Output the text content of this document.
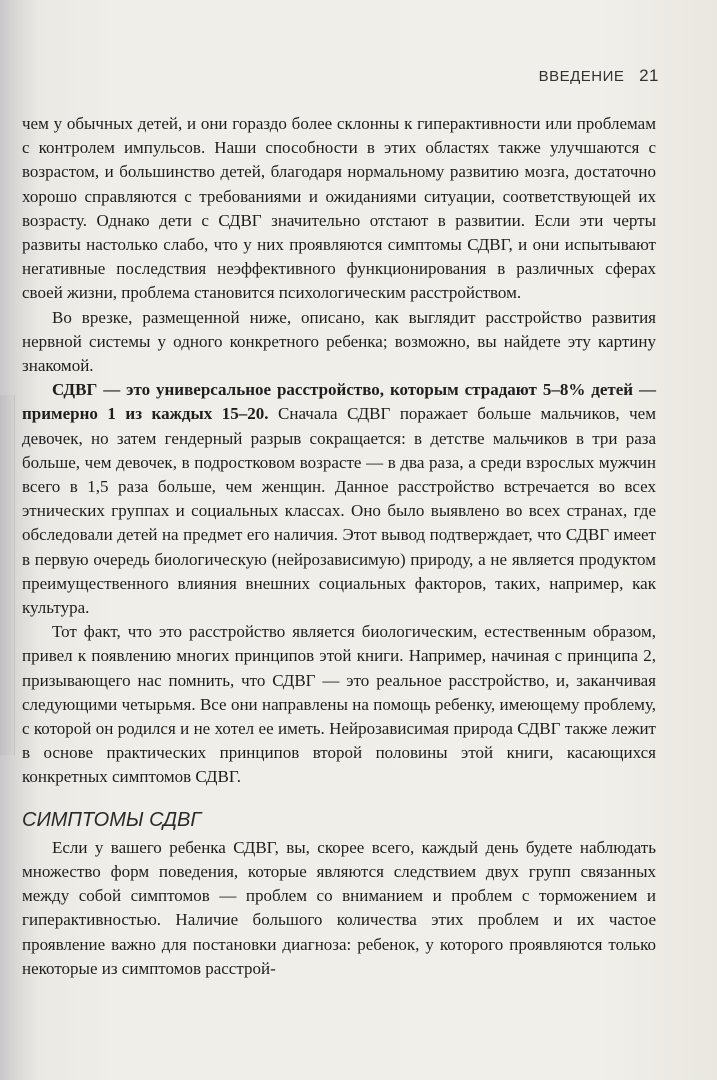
ВВЕДЕНИЕ 21

чем у обычных детей, и они гораздо более склонны к гиперактивности или проблемам с контролем импульсов. Наши способности в этих областях также улучшаются с возрастом, и большинство детей, благодаря нормальному развитию мозга, достаточно хорошо справляются с требованиями и ожиданиями ситуации, соответствующей их возрасту. Однако дети с СДВГ значительно отстают в развитии. Если эти черты развиты настолько слабо, что у них проявляются симптомы СДВГ, и они испытывают негативные последствия неэффективного функционирования в различных сферах своей жизни, проблема становится психологическим расстройством.

Во врезке, размещенной ниже, описано, как выглядит расстройство развития нервной системы у одного конкретного ребенка; возможно, вы найдете эту картину знакомой.

СДВГ — это универсальное расстройство, которым страдают 5–8% детей — примерно 1 из каждых 15–20. Сначала СДВГ поражает больше мальчиков, чем девочек, но затем гендерный разрыв сокращается: в детстве мальчиков в три раза больше, чем девочек, в подростковом возрасте — в два раза, а среди взрослых мужчин всего в 1,5 раза больше, чем женщин. Данное расстройство встречается во всех этнических группах и социальных классах. Оно было выявлено во всех странах, где обследовали детей на предмет его наличия. Этот вывод подтверждает, что СДВГ имеет в первую очередь биологическую (нейрозависимую) природу, а не является продуктом преимущественного влияния внешних социальных факторов, таких, например, как культура.

Тот факт, что это расстройство является биологическим, естественным образом, привел к появлению многих принципов этой книги. Например, начиная с принципа 2, призывающего нас помнить, что СДВГ — это реальное расстройство, и, заканчивая следующими четырьмя. Все они направлены на помощь ребенку, имеющему проблему, с которой он родился и не хотел ее иметь. Нейрозависимая природа СДВГ также лежит в основе практических принципов второй половины этой книги, касающихся конкретных симптомов СДВГ.

СИМПТОМЫ СДВГ

Если у вашего ребенка СДВГ, вы, скорее всего, каждый день будете наблюдать множество форм поведения, которые являются следствием двух групп связанных между собой симптомов — проблем со вниманием и проблем с торможением и гиперактивностью. Наличие большого количества этих проблем и их частое проявление важно для постановки диагноза: ребенок, у которого проявляются только некоторые из симптомов расстрой-
